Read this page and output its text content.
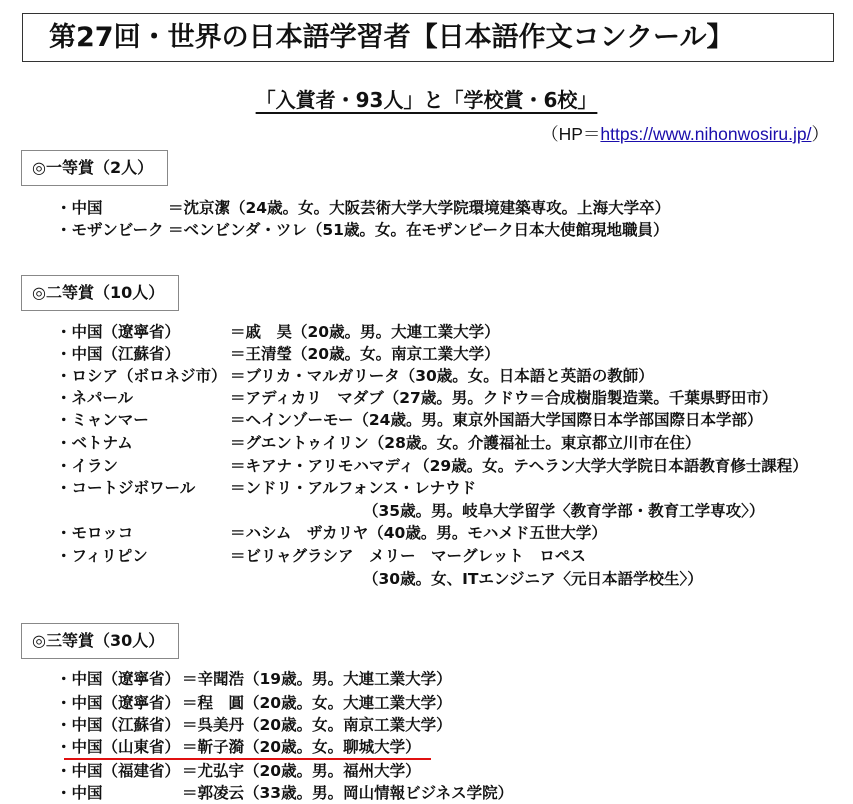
第27回・世界の日本語学習者【日本語作文コンクール】
「入賞者・93人」と「学校賞・6校」
（HP＝https://www.nihonwosiru.jp/）
◎一等賞（2人）
・中国	＝沈京潔（24歳。女。大阪芸術大学大学院環境建築専攻。上海大学卒）
・モザンビーク ＝ベンビンダ・ツレ（51歳。女。在モザンビーク日本大使館現地職員）
◎二等賞（10人）
・中国（遼寧省）	＝戚　昊（20歳。男。大連工業大学）
・中国（江蘇省）	＝王清瑩（20歳。女。南京工業大学）
・ロシア（ボロネジ市） ＝ブリカ・マルガリータ（30歳。女。日本語と英語の教師）
・ネパール	＝アディカリ　マダブ（27歳。男。クドウ＝合成樹脂製造業。千葉県野田市）
・ミャンマー	＝ヘインゾーモー（24歳。男。東京外国語大学国際日本学部国際日本学部）
・ベトナム	＝グエントゥイリン（28歳。女。介護福祉士。東京都立川市在住）
・イラン	＝キアナ・アリモハマディ（29歳。女。テヘラン大学大学院日本語教育修士課程）
・コートジボワール ＝ンドリ・アルフォンス・レナウド
（35歳。男。岐阜大学留学〈教育学部・教育工学専攻〉）
・モロッコ	＝ハシム　ザカリヤ（40歳。男。モハメド五世大学）
・フィリピン	＝ビリャグラシア　メリー　マーグレット　ロペス
（30歳。女、ITエンジニア〈元日本語学校生〉）
◎三等賞（30人）
・中国（遼寧省） ＝辛聞浩（19歳。男。大連工業大学）
・中国（遼寧省） ＝程　圓（20歳。女。大連工業大学）
・中国（江蘇省） ＝呉美丹（20歳。女。南京工業大学）
・中国（山東省） ＝靳子漪（20歳。女。聊城大学）
・中国（福建省） ＝尤弘宇（20歳。男。福州大学）
・中国	＝郭凌云（33歳。男。岡山情報ビジネス学院）
